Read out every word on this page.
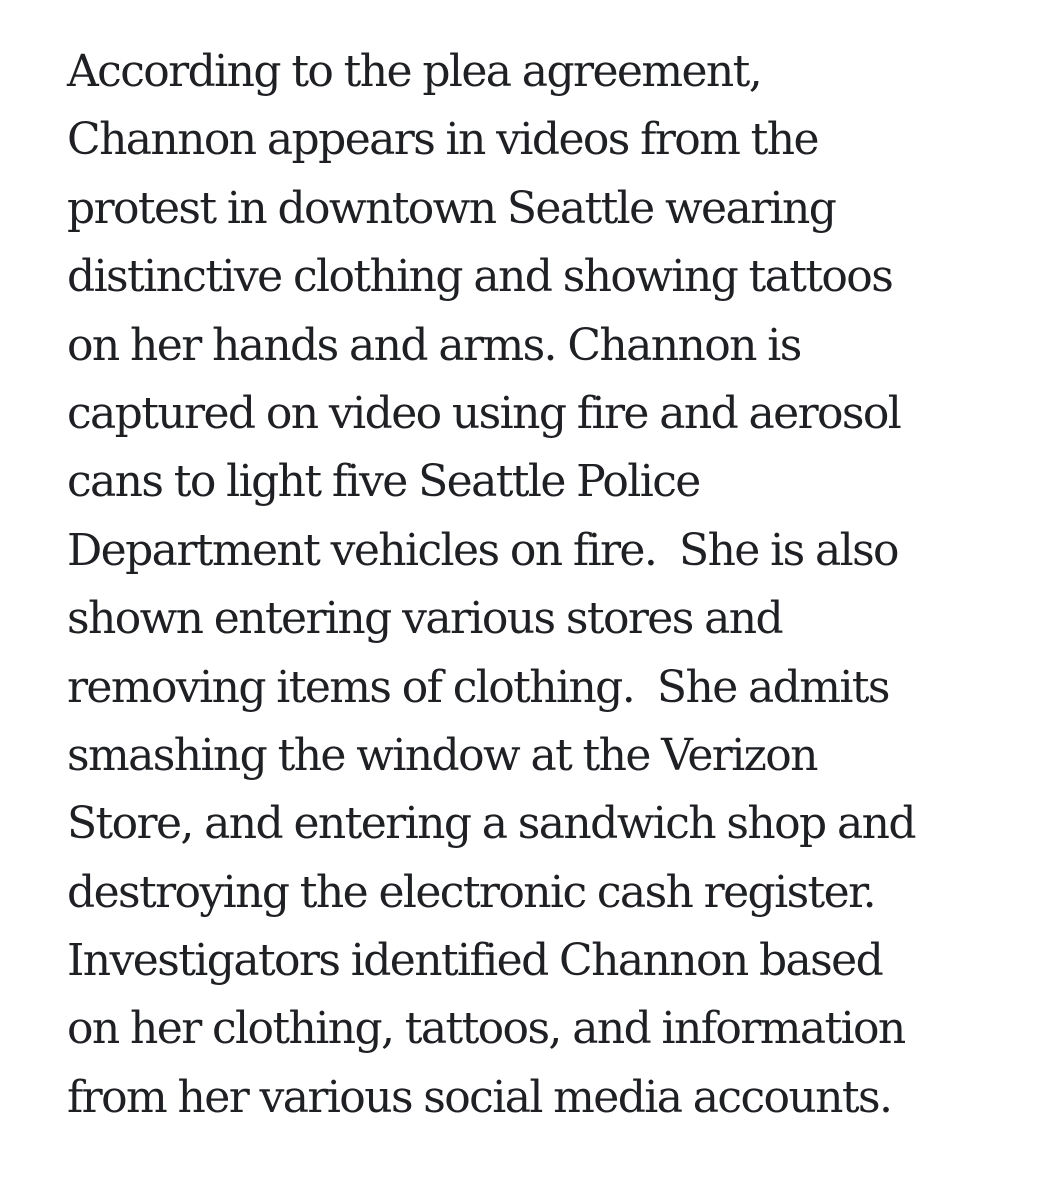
According to the plea agreement,
Channon appears in videos from the
protest in downtown Seattle wearing
distinctive clothing and showing tattoos
on her hands and arms. Channon is
captured on video using fire and aerosol
cans to light five Seattle Police
Department vehicles on fire.  She is also
shown entering various stores and
removing items of clothing.  She admits
smashing the window at the Verizon
Store, and entering a sandwich shop and
destroying the electronic cash register.
Investigators identified Channon based
on her clothing, tattoos, and information
from her various social media accounts.
